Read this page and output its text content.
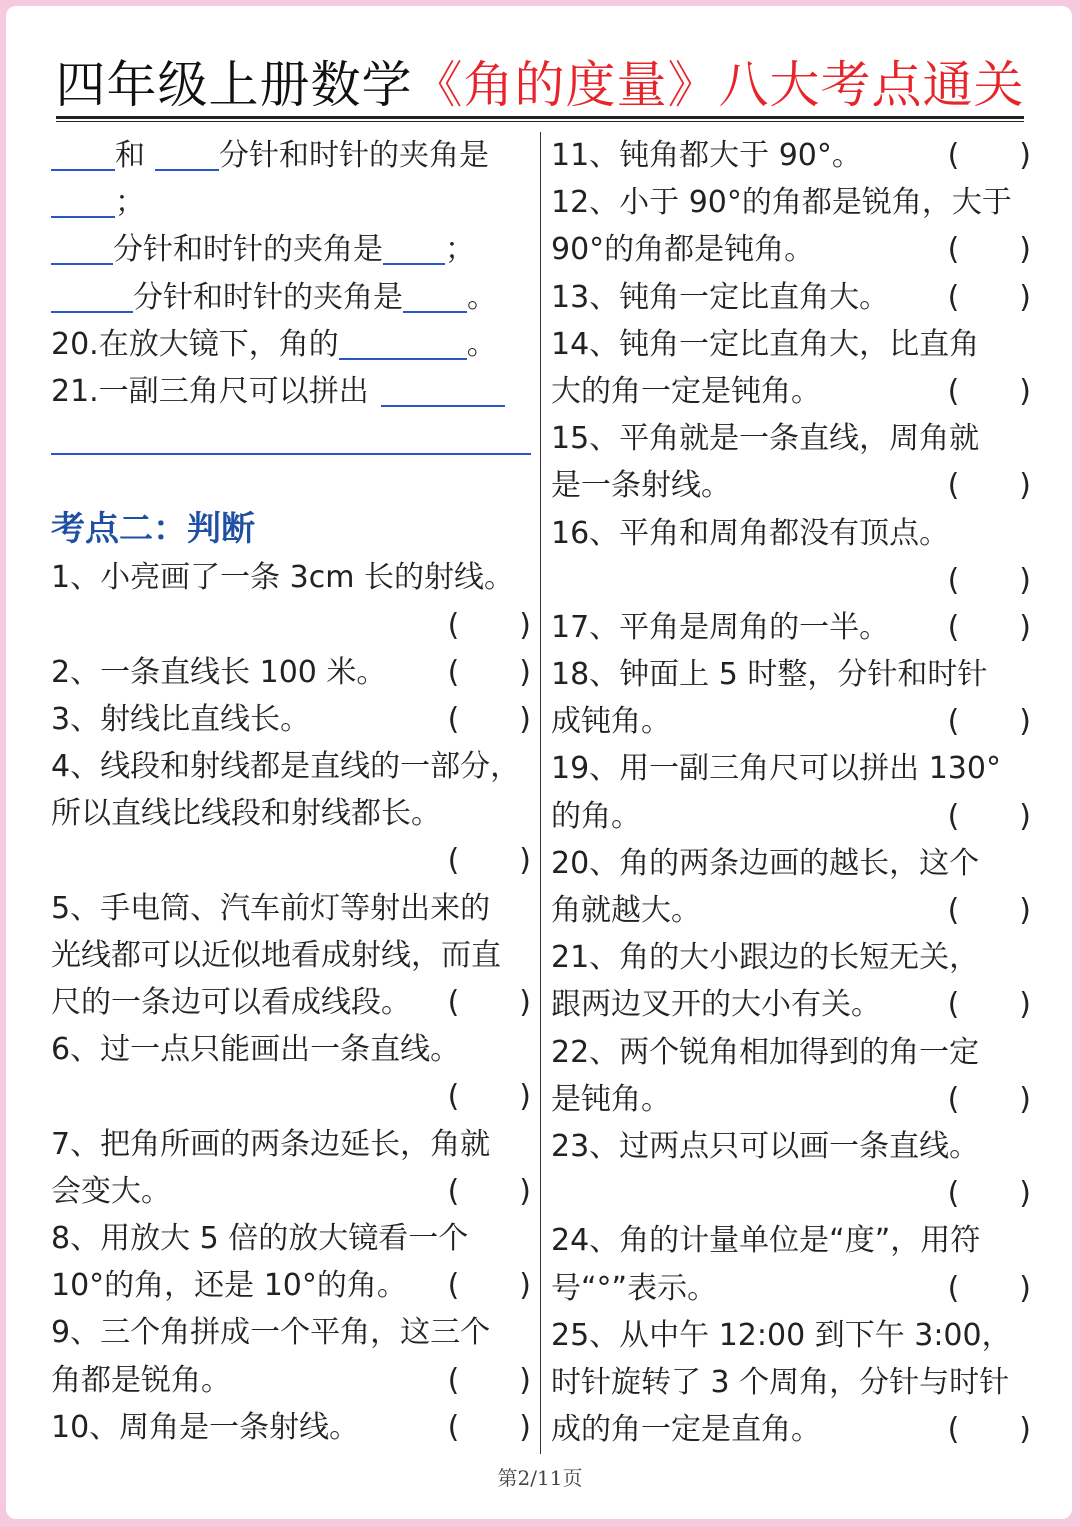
四年级上册数学《角的度量》八大考点通关
和 分针和时针的夹角是
；
分针和时针的夹角是 ；
分针和时针的夹角是 。
20.在放大镜下，角的	。
21.一副三角尺可以拼出
考点二：判断
1、小亮画了一条 3cm 长的射线。
(　　)
2、一条直线长 100 米。 (　　)
3、射线比直线长。	(　　)
4、线段和射线都是直线的一部分，
所以直线比线段和射线都长。
(　　)
5、手电筒、汽车前灯等射出来的
光线都可以近似地看成射线，而直
尺的一条边可以看成线段。 (　　)
6、过一点只能画出一条直线。
(　　)
7、把角所画的两条边延长，角就
会变大。	(　　)
8、用放大 5 倍的放大镜看一个
10°的角，还是 10°的角。 (　　)
9、三个角拼成一个平角，这三个
角都是锐角。	(　　)
10、周角是一条射线。	(　　)
11、钝角都大于 90°。	(　　)
12、小于 90°的角都是锐角，大于
90°的角都是钝角。	(　　)
13、钝角一定比直角大。 (　　)
14、钝角一定比直角大，比直角
大的角一定是钝角。	(　　)
15、平角就是一条直线，周角就
是一条射线。	(　　)
16、平角和周角都没有顶点。
(　　)
17、平角是周角的一半。 (　　)
18、钟面上 5 时整，分针和时针
成钝角。	(　　)
19、用一副三角尺可以拼出 130°
的角。	(　　)
20、角的两条边画的越长，这个
角就越大。	(　　)
21、角的大小跟边的长短无关，
跟两边叉开的大小有关。 (　　)
22、两个锐角相加得到的角一定
是钝角。	(　　)
23、过两点只可以画一条直线。
(　　)
24、角的计量单位是“度”，用符
号“°”表示。	(　　)
25、从中午 12:00 到下午 3:00，
时针旋转了 3 个周角，分针与时针
成的角一定是直角。	(　　)
第2/11页
